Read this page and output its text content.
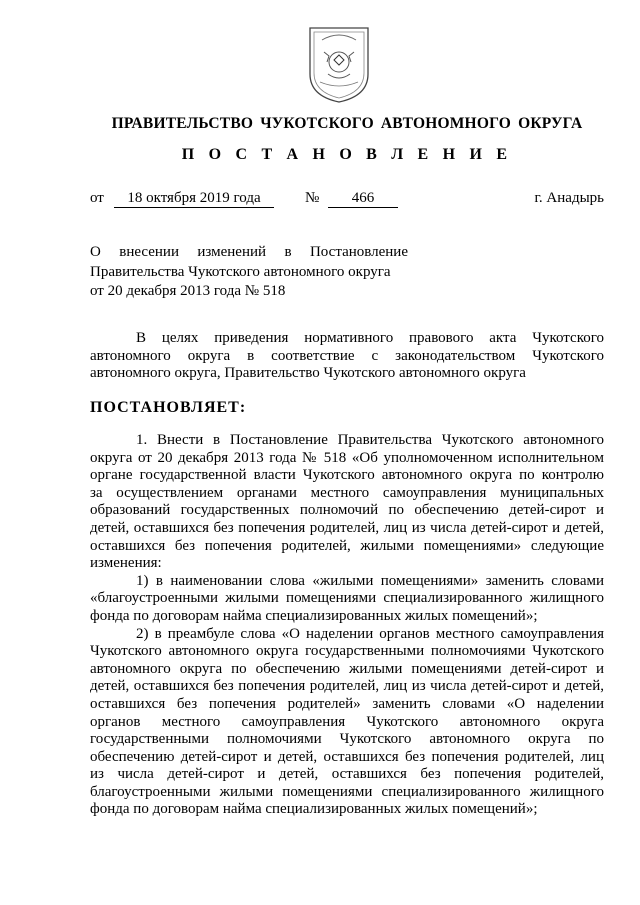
ПРАВИТЕЛЬСТВО ЧУКОТСКОГО АВТОНОМНОГО ОКРУГА
П О С Т А Н О В Л Е Н И Е
от	18 октября 2019 года	№	466	г. Анадырь
О внесении изменений в Постановление
Правительства Чукотского автономного округа
от 20 декабря 2013 года № 518
В целях приведения нормативного правового акта Чукотского
автономного округа в соответствие с законодательством Чукотского
автономного округа, Правительство Чукотского автономного округа
ПОСТАНОВЛЯЕТ:
1. Внести в Постановление Правительства Чукотского автономного
округа от 20 декабря 2013 года № 518 «Об уполномоченном исполнительном
органе государственной власти Чукотского автономного округа по контролю
за осуществлением органами местного самоуправления муниципальных
образований государственных полномочий по обеспечению детей-сирот и
детей, оставшихся без попечения родителей, лиц из числа детей-сирот и детей,
оставшихся без попечения родителей, жилыми помещениями» следующие
изменения:
1) в наименовании слова «жилыми помещениями» заменить словами
«благоустроенными жилыми помещениями специализированного жилищного
фонда по договорам найма специализированных жилых помещений»;
2) в преамбуле слова «О наделении органов местного самоуправления
Чукотского автономного округа государственными полномочиями Чукотского
автономного округа по обеспечению жилыми помещениями детей-сирот и
детей, оставшихся без попечения родителей, лиц из числа детей-сирот и детей,
оставшихся без попечения родителей» заменить словами «О наделении
органов местного самоуправления Чукотского автономного округа
государственными полномочиями Чукотского автономного округа по
обеспечению детей-сирот и детей, оставшихся без попечения родителей, лиц
из числа детей-сирот и детей, оставшихся без попечения родителей,
благоустроенными жилыми помещениями специализированного жилищного
фонда по договорам найма специализированных жилых помещений»;
